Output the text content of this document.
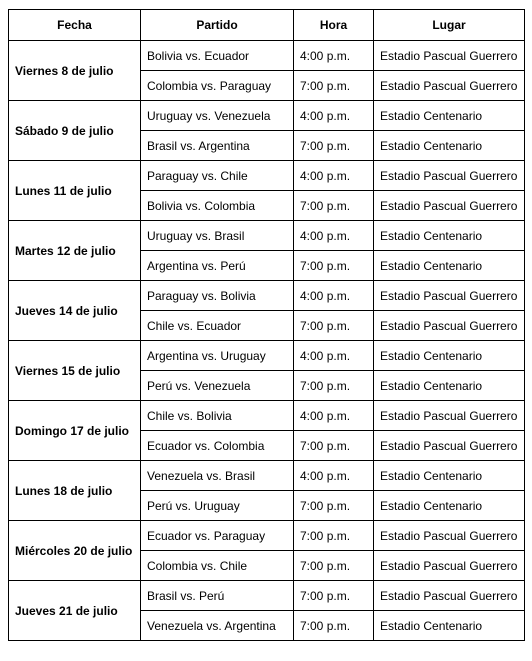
Fecha	Partido	Hora	Lugar
Viernes 8 de julio	Bolivia vs. Ecuador	4:00 p.m.	Estadio Pascual Guerrero
	Colombia vs. Paraguay	7:00 p.m.	Estadio Pascual Guerrero
Sábado 9 de julio	Uruguay vs. Venezuela	4:00 p.m.	Estadio Centenario
	Brasil vs. Argentina	7:00 p.m.	Estadio Centenario
Lunes 11 de julio	Paraguay vs. Chile	4:00 p.m.	Estadio Pascual Guerrero
	Bolivia vs. Colombia	7:00 p.m.	Estadio Pascual Guerrero
Martes 12 de julio	Uruguay vs. Brasil	4:00 p.m.	Estadio Centenario
	Argentina vs. Perú	7:00 p.m.	Estadio Centenario
Jueves 14 de julio	Paraguay vs. Bolivia	4:00 p.m.	Estadio Pascual Guerrero
	Chile vs. Ecuador	7:00 p.m.	Estadio Pascual Guerrero
Viernes 15 de julio	Argentina vs. Uruguay	4:00 p.m.	Estadio Centenario
	Perú vs. Venezuela	7:00 p.m.	Estadio Centenario
Domingo 17 de julio	Chile vs. Bolivia	4:00 p.m.	Estadio Pascual Guerrero
	Ecuador vs. Colombia	7:00 p.m.	Estadio Pascual Guerrero
Lunes 18 de julio	Venezuela vs. Brasil	4:00 p.m.	Estadio Centenario
	Perú vs. Uruguay	7:00 p.m.	Estadio Centenario
Miércoles 20 de julio	Ecuador vs. Paraguay	7:00 p.m.	Estadio Pascual Guerrero
	Colombia vs. Chile	7:00 p.m.	Estadio Pascual Guerrero
Jueves 21 de julio	Brasil vs. Perú	7:00 p.m.	Estadio Pascual Guerrero
	Venezuela vs. Argentina	7:00 p.m.	Estadio Centenario
